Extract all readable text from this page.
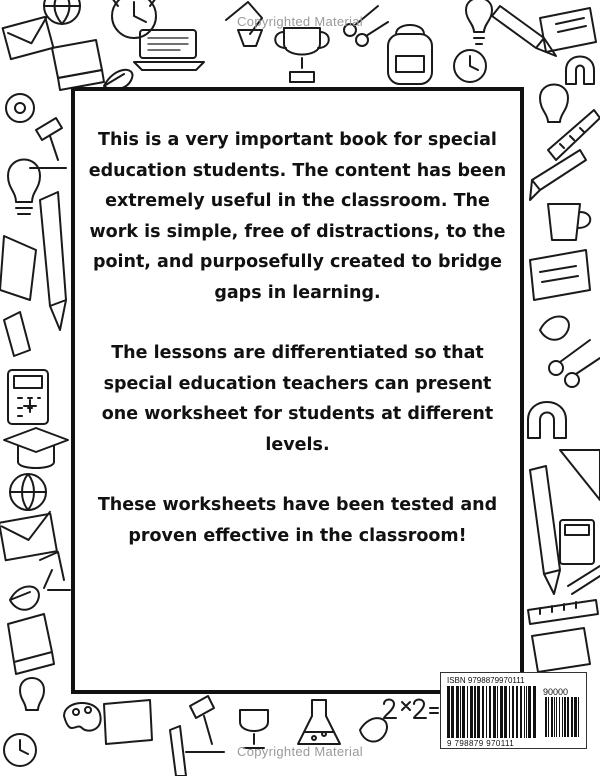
Copyrighted Material

This is a very important book for special education students. The content has been extremely useful in the classroom. The work is simple, free of distractions, to the point, and purposefully created to bridge gaps in learning.

The lessons are differentiated so that special education teachers can present one worksheet for students at different levels.

These worksheets have been tested and proven effective in the classroom!

ISBN 9798879970111
90000
9 798879 970111
Copyrighted Material
